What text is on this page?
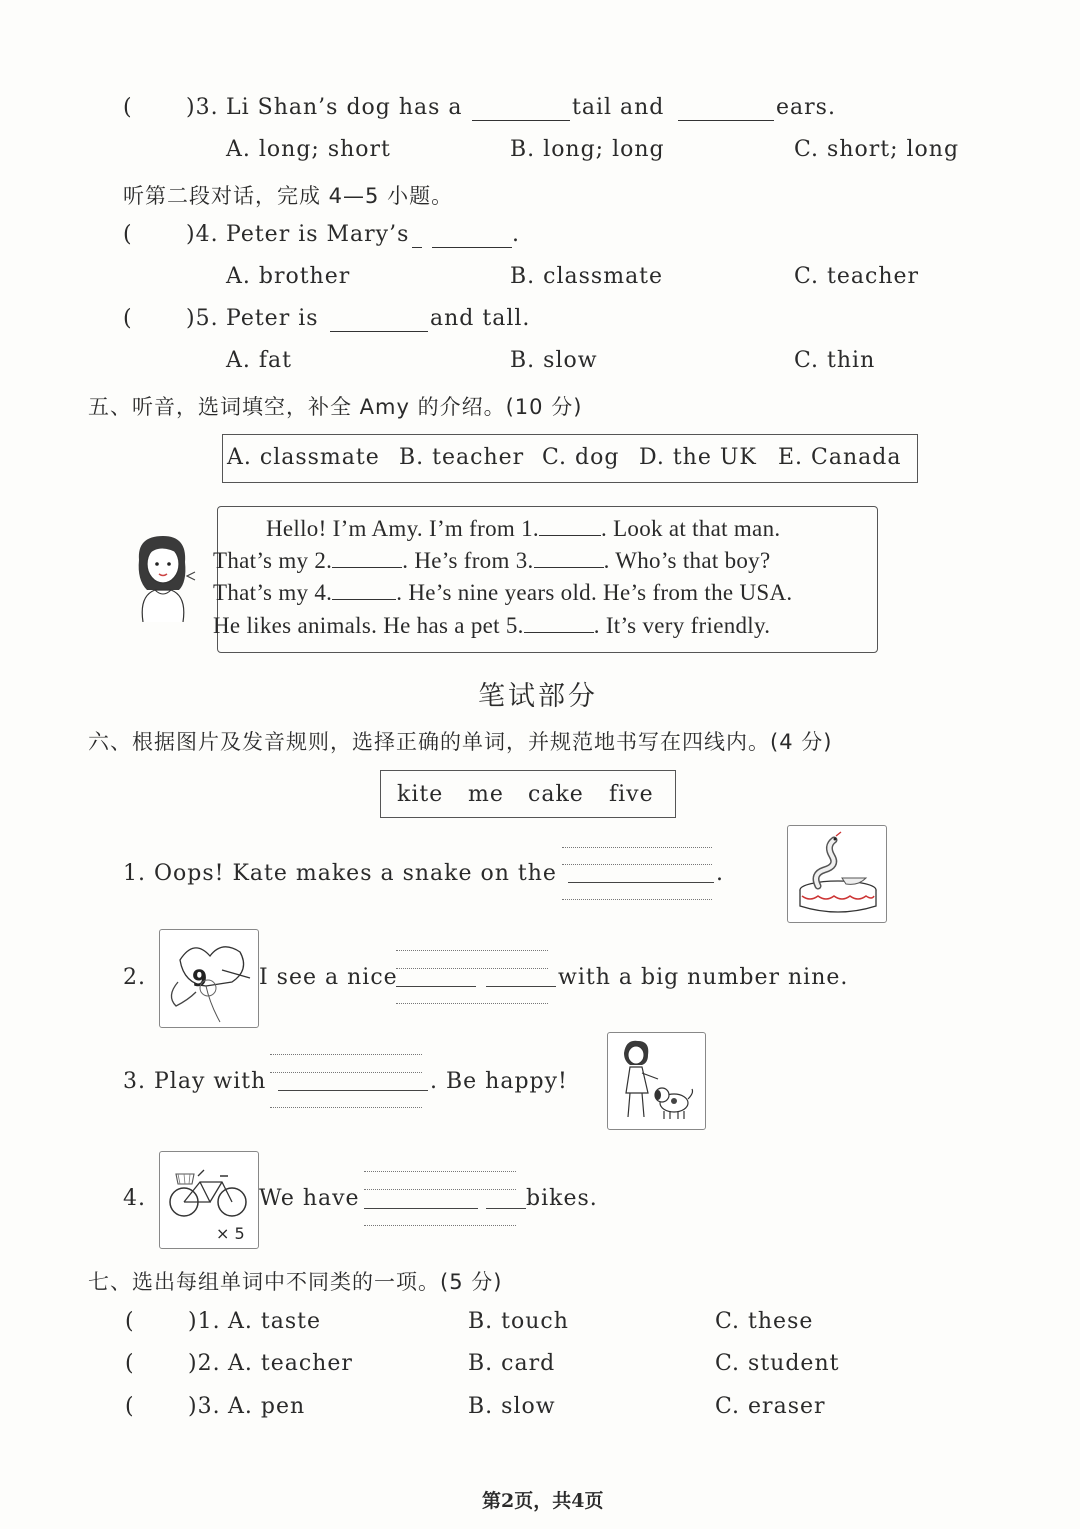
( )3. Li Shan’s dog has a	tail and	ears.
A. long; short	B. long; long	C. short; long
听第二段对话，完成 4—5 小题。
( )4. Peter is Mary’s	.
A. brother	B. classmate	C. teacher
( )5. Peter is	and tall.
A. fat	B. slow	C. thin
五、听音，选词填空，补全 Amy 的介绍。(10 分)
A. classmate B. teacher C. dog D. the UK E. Canada
Hello! I’m Amy. I’m from 1.	. Look at that man.
That’s my 2.	. He’s from 3.	. Who’s that boy?
That’s my 4.	. He’s nine years old. He’s from the USA.
He likes animals. He has a pet 5.	. It’s very friendly.
笔试部分
六、根据图片及发音规则，选择正确的单词，并规范地书写在四线内。(4 分)
kite me cake five
1. Oops! Kate makes a snake on the	.
2. 9 I see a nice	with a big number nine.
3. Play with	. Be happy!
4.
× 5
We have	bikes.
七、选出每组单词中不同类的一项。(5 分)
( )1. A. taste	B. touch	C. these
( )2. A. teacher	B. card	C. student
( )3. A. pen	B. slow	C. eraser
第2页，共4页
